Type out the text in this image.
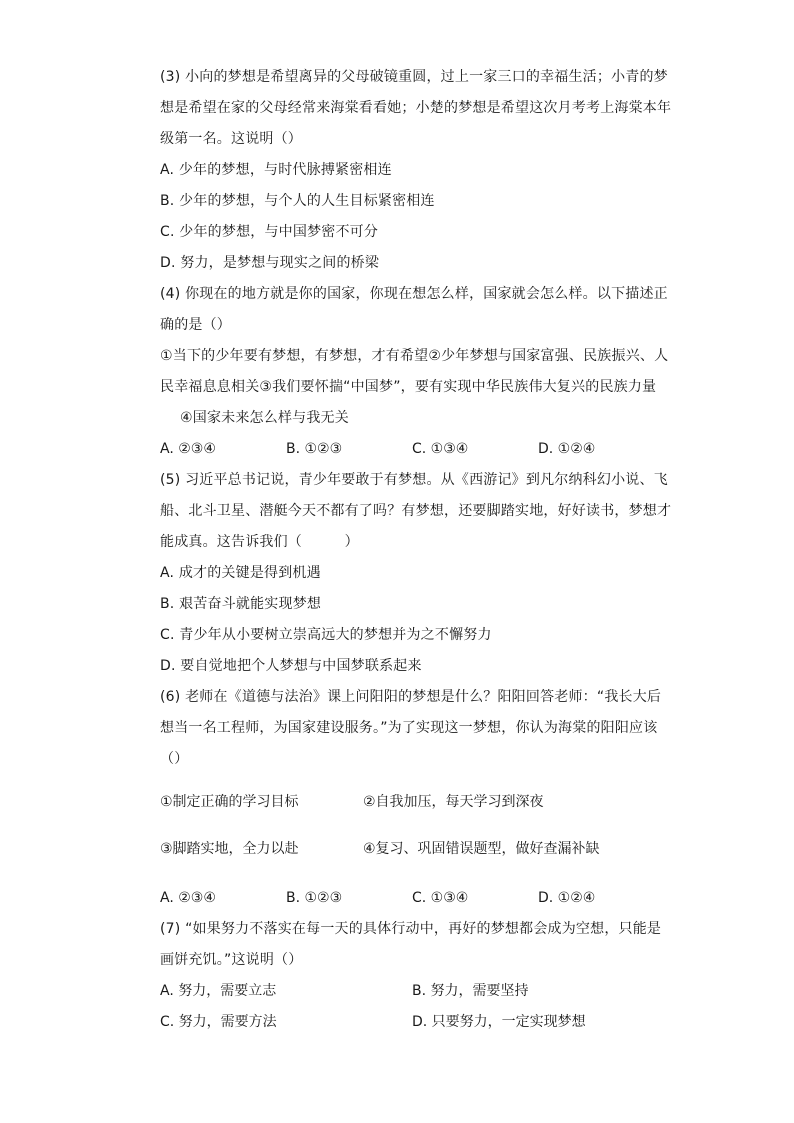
(3) 小向的梦想是希望离异的父母破镜重圆，过上一家三口的幸福生活；小青的梦
想是希望在家的父母经常来海棠看看她；小楚的梦想是希望这次月考考上海棠本年
级第一名。这说明（）
A. 少年的梦想，与时代脉搏紧密相连
B. 少年的梦想，与个人的人生目标紧密相连
C. 少年的梦想，与中国梦密不可分
D. 努力，是梦想与现实之间的桥梁
(4) 你现在的地方就是你的国家，你现在想怎么样，国家就会怎么样。以下描述正
确的是（）
①当下的少年要有梦想，有梦想，才有希望②少年梦想与国家富强、民族振兴、人
民幸福息息相关③我们要怀揣“中国梦”，要有实现中华民族伟大复兴的民族力量
④国家未来怎么样与我无关
A. ②③④	B. ①②③	C. ①③④	D. ①②④
(5) 习近平总书记说，青少年要敢于有梦想。从《西游记》到凡尔纳科幻小说、飞
船、北斗卫星、潜艇今天不都有了吗？有梦想，还要脚踏实地，好好读书，梦想才
能成真。这告诉我们（　　　）
A. 成才的关键是得到机遇
B. 艰苦奋斗就能实现梦想
C. 青少年从小要树立崇高远大的梦想并为之不懈努力
D. 要自觉地把个人梦想与中国梦联系起来
(6) 老师在《道德与法治》课上问阳阳的梦想是什么？阳阳回答老师：“我长大后
想当一名工程师，为国家建设服务。”为了实现这一梦想，你认为海棠的阳阳应该
（）
①制定正确的学习目标	②自我加压，每天学习到深夜
③脚踏实地，全力以赴	④复习、巩固错误题型，做好查漏补缺
A. ②③④	B. ①②③	C. ①③④	D. ①②④
(7) “如果努力不落实在每一天的具体行动中，再好的梦想都会成为空想，只能是
画饼充饥。”这说明（）
A. 努力，需要立志	B. 努力，需要坚持
C. 努力，需要方法	D. 只要努力，一定实现梦想
